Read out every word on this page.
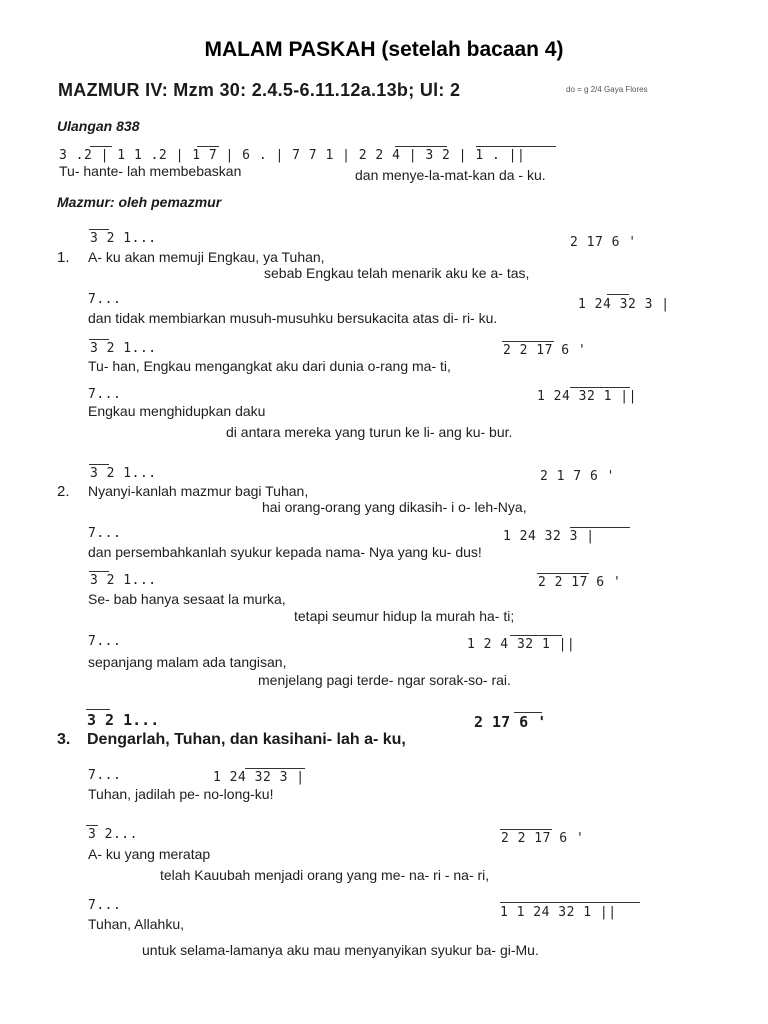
MALAM PASKAH (setelah bacaan 4)
MAZMUR IV: Mzm 30: 2.4.5-6.11.12a.13b; Ul: 2	do = g 2/4 Gaya Flores
Ulangan 838
3 .2 | 1 1 .2 | 1 7 | 6 . | 7 7 1 | 2 2 4 | 3 2 | 1 . ||
Tu- hante- lah membebaskan	dan menye-la-mat-kan da - ku.
Mazmur: oleh pemazmur
3 2 1...	2 17 6 '
1. A- ku akan memuji Engkau, ya Tuhan,
sebab Engkau telah menarik aku ke a- tas,
7...	1 24 32 3 |
dan tidak membiarkan musuh-musuhku bersukacita atas di- ri- ku.
3 2 1...	2 2 17 6 '
Tu- han, Engkau mengangkat aku dari dunia o-rang ma- ti,
7...	1 24 32 1 ||
Engkau menghidupkan daku
di antara mereka yang turun ke li- ang ku- bur.
3 2 1...	2 1 7 6 '
2. Nyanyi-kanlah mazmur bagi Tuhan,
hai orang-orang yang dikasih- i o- leh-Nya,
7...	1 24 32 3 |
dan persembahkanlah syukur kepada nama- Nya yang ku- dus!
3 2 1...	2 2 17 6 '
Se- bab hanya sesaat la murka,
tetapi seumur hidup la murah ha- ti;
7...	1 2 4 32 1 ||
sepanjang malam ada tangisan,
menjelang pagi terde- ngar sorak-so- rai.
3 2 1...	2 17 6 '
3. Dengarlah, Tuhan, dan kasihani- lah a- ku,
7...	1 24 32 3 |
Tuhan, jadilah pe- no-long-ku!
3 2...	2 2 17 6 '
A- ku yang meratap
telah Kauubah menjadi orang yang me- na- ri - na- ri,
7...	1 1 24 32 1 ||
Tuhan, Allahku,
untuk selama-lamanya aku mau menyanyikan syukur ba- gi-Mu.
